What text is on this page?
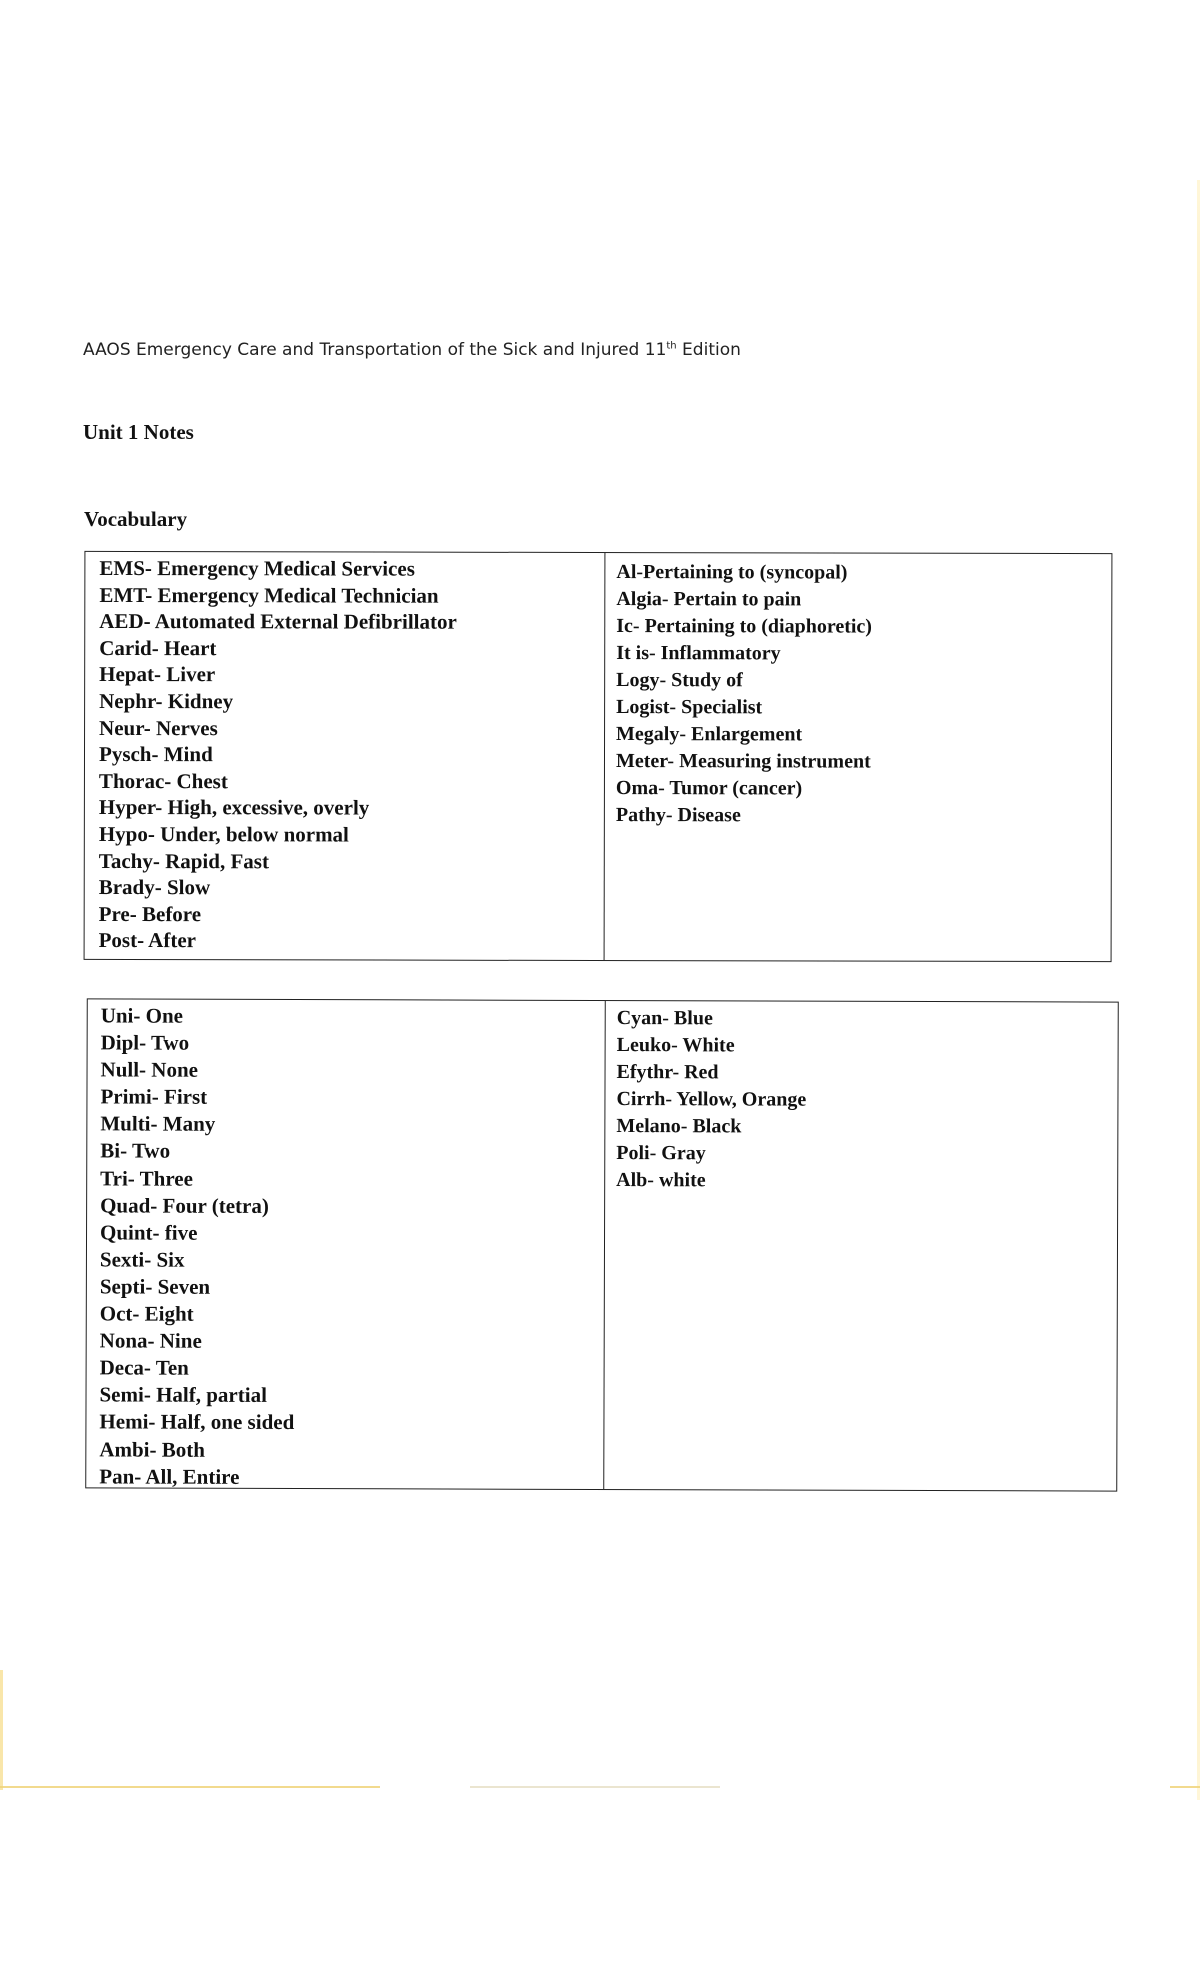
AAOS Emergency Care and Transportation of the Sick and Injured 11th Edition
Unit 1 Notes
Vocabulary
EMS- Emergency Medical Services
EMT- Emergency Medical Technician
AED- Automated External Defibrillator
Carid- Heart
Hepat- Liver
Nephr- Kidney
Neur- Nerves
Pysch- Mind
Thorac- Chest
Hyper- High, excessive, overly
Hypo- Under, below normal
Tachy- Rapid, Fast
Brady- Slow
Pre- Before
Post- After
Al-Pertaining to (syncopal)
Algia- Pertain to pain
Ic- Pertaining to (diaphoretic)
It is- Inflammatory
Logy- Study of
Logist- Specialist
Megaly- Enlargement
Meter- Measuring instrument
Oma- Tumor (cancer)
Pathy- Disease
Uni- One
Dipl- Two
Null- None
Primi- First
Multi- Many
Bi- Two
Tri- Three
Quad- Four (tetra)
Quint- five
Sexti- Six
Septi- Seven
Oct- Eight
Nona- Nine
Deca- Ten
Semi- Half, partial
Hemi- Half, one sided
Ambi- Both
Pan- All, Entire
Cyan- Blue
Leuko- White
Efythr- Red
Cirrh- Yellow, Orange
Melano- Black
Poli- Gray
Alb- white
